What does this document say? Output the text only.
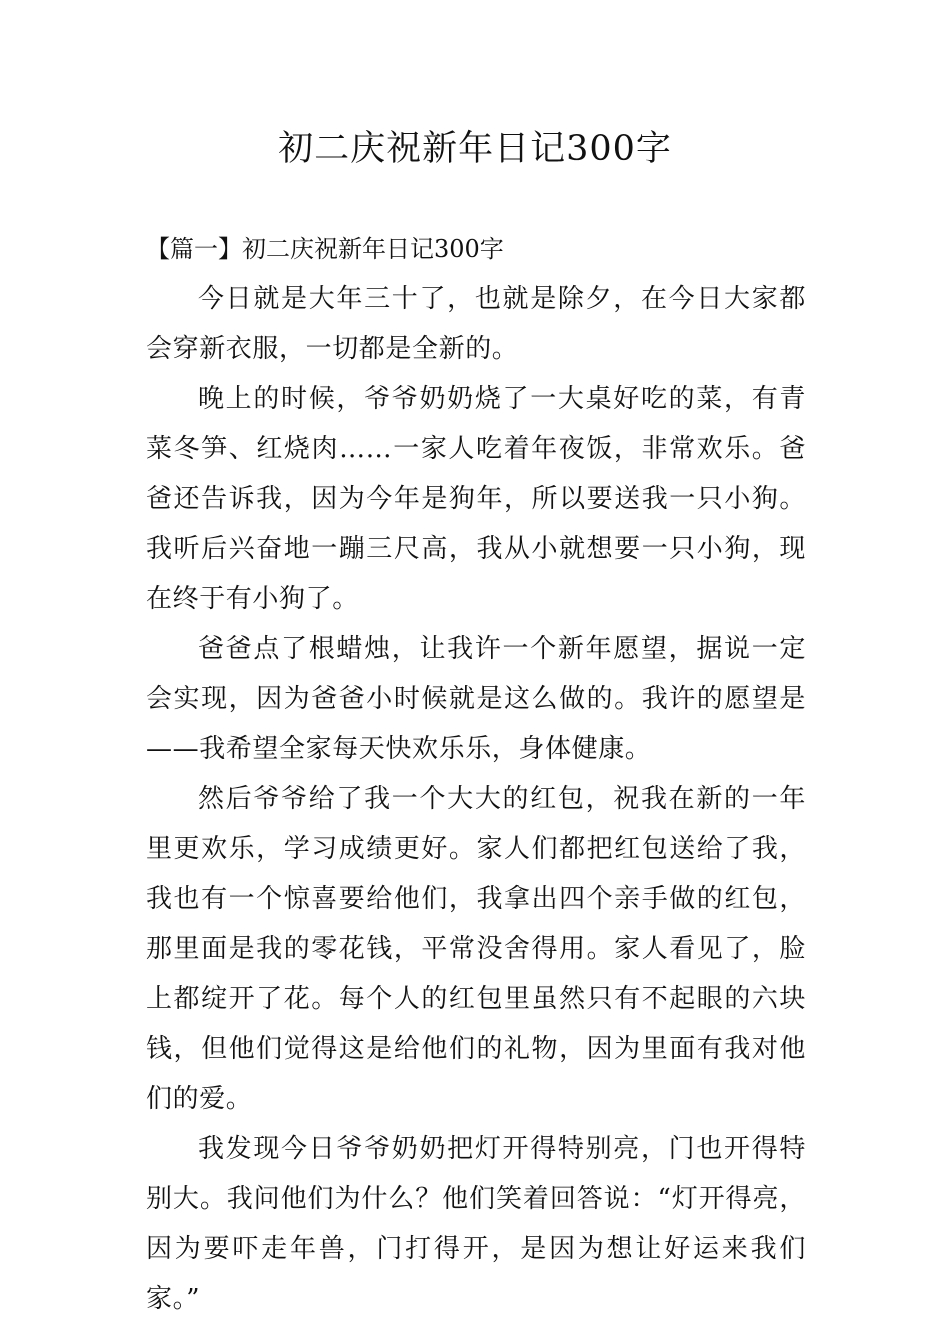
初二庆祝新年日记300字

【篇一】初二庆祝新年日记300字

今日就是大年三十了，也就是除夕，在今日大家都会穿新衣服，一切都是全新的。

晚上的时候，爷爷奶奶烧了一大桌好吃的菜，有青菜冬笋、红烧肉……一家人吃着年夜饭，非常欢乐。爸爸还告诉我，因为今年是狗年，所以要送我一只小狗。我听后兴奋地一蹦三尺高，我从小就想要一只小狗，现在终于有小狗了。

爸爸点了根蜡烛，让我许一个新年愿望，据说一定会实现，因为爸爸小时候就是这么做的。我许的愿望是——我希望全家每天快欢乐乐，身体健康。

然后爷爷给了我一个大大的红包，祝我在新的一年里更欢乐，学习成绩更好。家人们都把红包送给了我，我也有一个惊喜要给他们，我拿出四个亲手做的红包，那里面是我的零花钱，平常没舍得用。家人看见了，脸上都绽开了花。每个人的红包里虽然只有不起眼的六块钱，但他们觉得这是给他们的礼物，因为里面有我对他们的爱。

我发现今日爷爷奶奶把灯开得特别亮，门也开得特别大。我问他们为什么？他们笑着回答说：“灯开得亮，因为要吓走年兽，门打得开，是因为想让好运来我们家。”
